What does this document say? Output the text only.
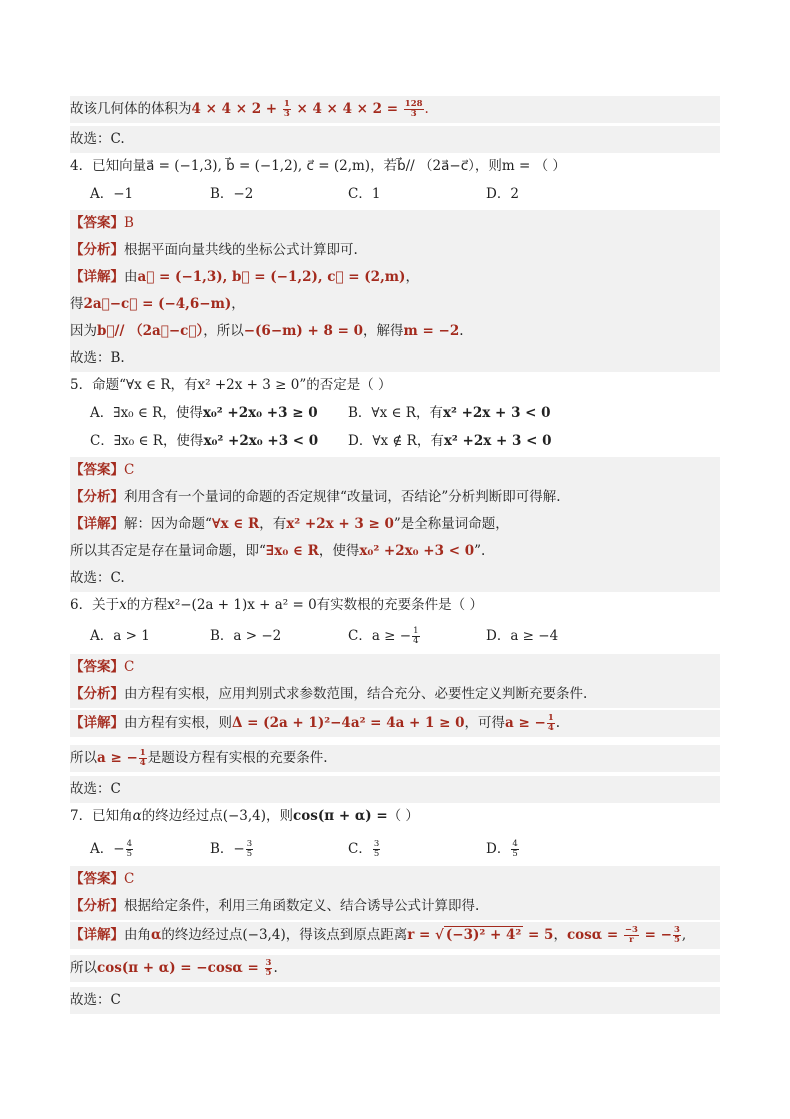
故该几何体的体积为$4 \times 4 \times 2 + \frac{1}{3} \times 4 \times 4 \times 2 = \frac{128}{3}$ .
故选：C.
4．已知向量a⃗ = (−1,3), b⃗ = (−1,2), c⃗ = (2,m)，若b⃗// （2a⃗−c⃗），则m = （ ）
A．−1	B．−2	C．1	D．2
【答案】B
【分析】根据平面向量共线的坐标公式计算即可.
【详解】由a⃗ = (−1,3), b⃗ = (−1,2), c⃗ = (2,m)，
得2a⃗−c⃗ = (−4,6−m)，
因为b⃗// （2a⃗−c⃗），所以−(6−m) + 8 = 0，解得m = −2.
故选：B.
5．命题“∀x ∈ R，有x² +2x + 3 ≥ 0”的否定是（ ）
A．∃x₀ ∈ R，使得x₀² +2x₀ +3 ≥ 0 B．∀x ∈ R，有x² +2x + 3 < 0
C．∃x₀ ∈ R，使得x₀² +2x₀ +3 < 0 D．∀x ∉ R，有x² +2x + 3 < 0
【答案】C
【分析】利用含有一个量词的命题的否定规律“改量词，否结论”分析判断即可得解.
【详解】解：因为命题“∀x ∈ R，有x² +2x + 3 ≥ 0”是全称量词命题，
所以其否定是存在量词命题，即“∃x₀ ∈ R，使得x₀² +2x₀ +3 < 0”.
故选：C.
6．关于x的方程x²−(2a + 1)x + a² = 0有实数根的充要条件是（ ）
A．a > 1	B．a > −2	C．a ≥ − $\frac{1}{4}$	D．a ≥ −4
【答案】C
【分析】由方程有实根，应用判别式求参数范围，结合充分、必要性定义判断充要条件.
【详解】由方程有实根，则Δ = (2a + 1)²−4a² = 4a + 1 ≥ 0，可得a ≥ − $\frac{1}{4}$ .
所以a ≥ − $\frac{1}{4}$ 是题设方程有实根的充要条件.
故选：C
7．已知角α的终边经过点(−3,4)，则cos(π + α) =（ ）
A．− $\frac{4}{5}$	B．− $\frac{3}{5}$	C． $\frac{3}{5}$	D． $\frac{4}{5}$
【答案】C
【分析】根据给定条件，利用三角函数定义、结合诱导公式计算即得.
【详解】由角α的终边经过点(−3,4)，得该点到原点距离r = √ (−3)² + 4² = 5，$\cos\alpha = \frac{-3}{r}$ = − $\frac{3}{5}$ ,
所以$\cos(\pi + \alpha) = -\cos\alpha = \frac{3}{5}$ .
故选：C
